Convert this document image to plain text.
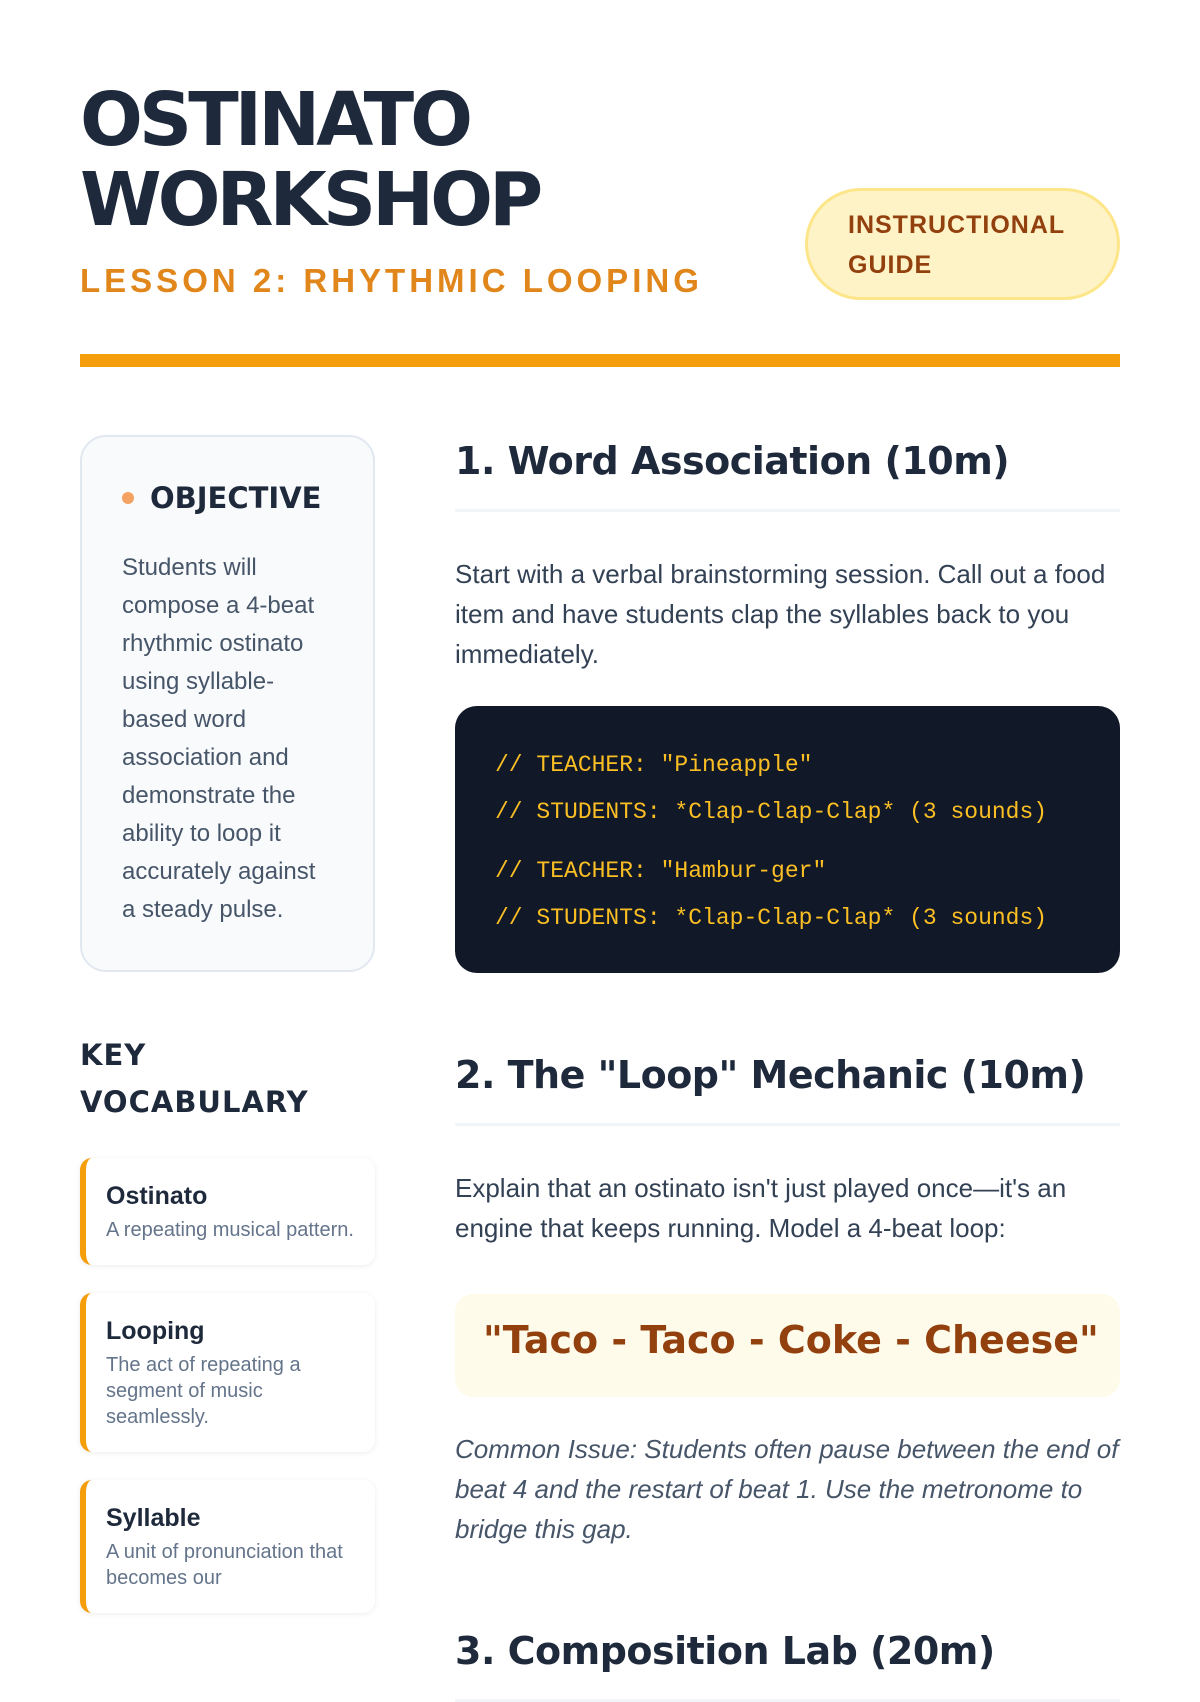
OSTINATO
WORKSHOP
LESSON 2: RHYTHMIC LOOPING
INSTRUCTIONAL
GUIDE
OBJECTIVE

Students will compose a 4-beat rhythmic ostinato using syllable-based word association and demonstrate the ability to loop it accurately against a steady pulse.

KEY VOCABULARY
Ostinato
A repeating musical pattern.
Looping
The act of repeating a segment of music seamlessly.
Syllable
A unit of pronunciation that becomes our
1. Word Association (10m)

Start with a verbal brainstorming session. Call out a food item and have students clap the syllables back to you immediately.

// TEACHER: "Pineapple"
// STUDENTS: *Clap-Clap-Clap* (3 sounds)
// TEACHER: "Hambur-ger"
// STUDENTS: *Clap-Clap-Clap* (3 sounds)
2. The "Loop" Mechanic (10m)

Explain that an ostinato isn't just played once—it's an engine that keeps running. Model a 4-beat loop:

"Taco - Taco - Coke - Cheese"

Common Issue: Students often pause between the end of beat 4 and the restart of beat 1. Use the metronome to bridge this gap.

3. Composition Lab (20m)
